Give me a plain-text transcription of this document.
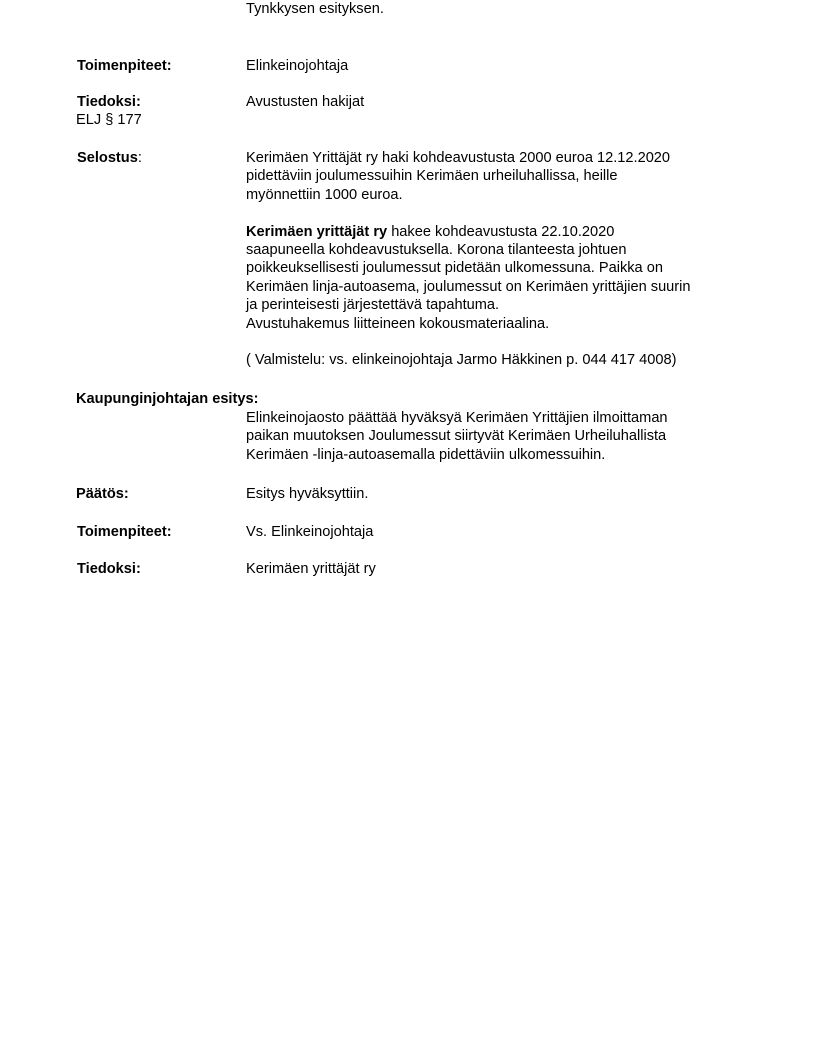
Tynkkysen esityksen.
Toimenpiteet:	Elinkeinojohtaja
Tiedoksi:	Avustusten hakijat
ELJ § 177
Selostus:	Kerimäen Yrittäjät ry haki kohdeavustusta 2000 euroa 12.12.2020

pidettäviin joulumessuihin Kerimäen urheiluhallissa, heille

myönnettiin 1000 euroa.

Kerimäen yrittäjät ry hakee kohdeavustusta 22.10.2020

saapuneella kohdeavustuksella. Korona tilanteesta johtuen

poikkeuksellisesti joulumessut pidetään ulkomessuna. Paikka on

Kerimäen linja-autoasema, joulumessut on Kerimäen yrittäjien suurin

ja perinteisesti järjestettävä tapahtuma.

Avustuhakemus liitteineen kokousmateriaalina.

( Valmistelu: vs. elinkeinojohtaja Jarmo Häkkinen p. 044 417 4008)

Kaupunginjohtajan esitys:

Elinkeinojaosto päättää hyväksyä Kerimäen Yrittäjien ilmoittaman

paikan muutoksen Joulumessut siirtyvät Kerimäen Urheiluhallista

Kerimäen -linja-autoasemalla pidettäviin ulkomessuihin.

Päätös:	Esitys hyväksyttiin.
Toimenpiteet:	Vs. Elinkeinojohtaja
Tiedoksi:	Kerimäen yrittäjät ry
